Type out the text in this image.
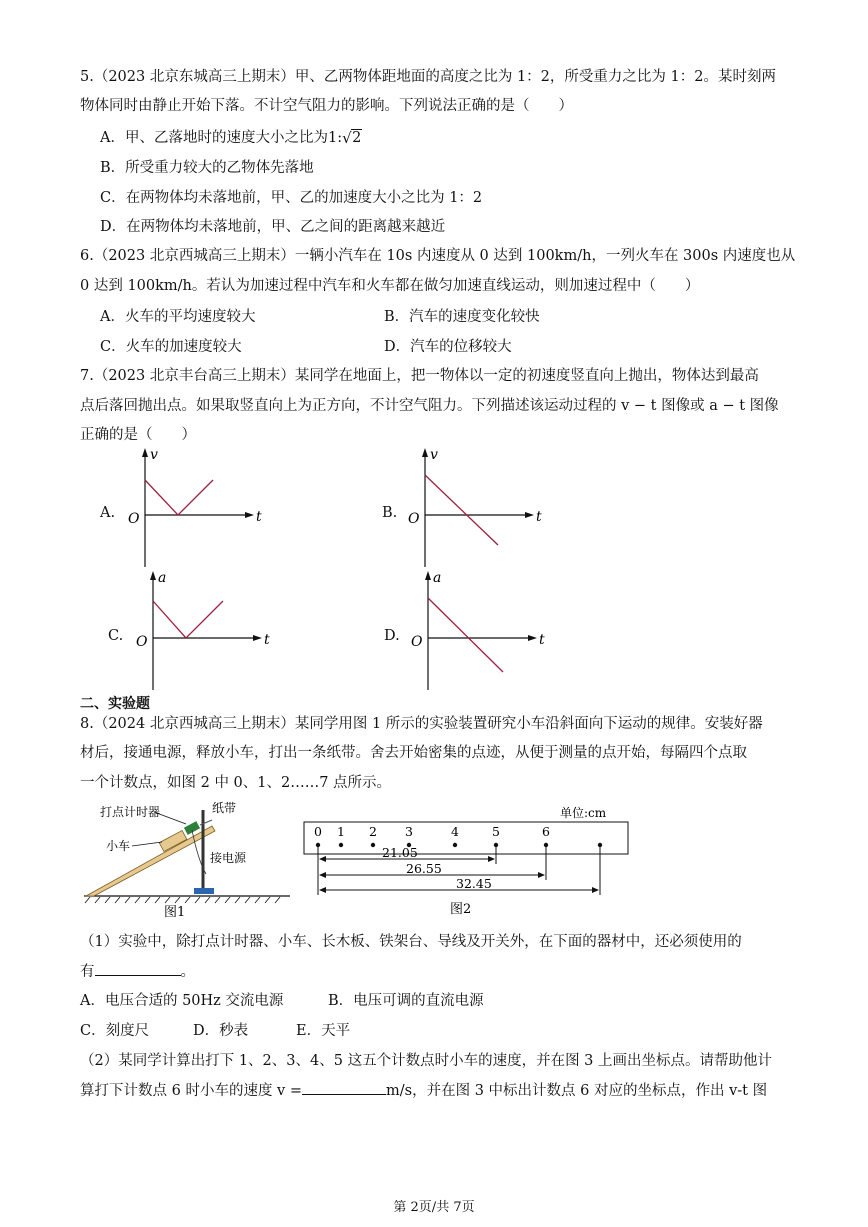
5.（2023 北京东城高三上期末）甲、乙两物体距地面的高度之比为 1：2，所受重力之比为 1：2。某时刻两
物体同时由静止开始下落。不计空气阻力的影响。下列说法正确的是（　　）
A．甲、乙落地时的速度大小之比为1: √ 2
B．所受重力较大的乙物体先落地
C．在两物体均未落地前，甲、乙的加速度大小之比为 1：2
D．在两物体均未落地前，甲、乙之间的距离越来越近
6.（2023 北京西城高三上期末）一辆小汽车在 10s 内速度从 0 达到 100km/h，一列火车在 300s 内速度也从
0 达到 100km/h。若认为加速过程中汽车和火车都在做匀加速直线运动，则加速过程中（　　）
A．火车的平均速度较大	B．汽车的速度变化较快
C．火车的加速度较大	D．汽车的位移较大
7.（2023 北京丰台高三上期末）某同学在地面上，把一物体以一定的初速度竖直向上抛出，物体达到最高
点后落回抛出点。如果取竖直向上为正方向，不计空气阻力。下列描述该运动过程的 v − t 图像或 a − t 图像
正确的是（　　）
A.
v
t
O	B.
v
t
O
C.
a
t
O	D.
a
t
O
二、实验题
8.（2024 北京西城高三上期末）某同学用图 1 所示的实验装置研究小车沿斜面向下运动的规律。安装好器
材后，接通电源，释放小车，打出一条纸带。舍去开始密集的点迹，从便于测量的点开始，每隔四个点取
一个计数点，如图 2 中 0、1、2……7 点所示。
打点计时器	纸带
小车
接电源
图1
单位:cm
0 1 2 3	4	5	6
21.05
26.55
32.45
图2
（1）实验中，除打点计时器、小车、长木板、铁架台、导线及开关外，在下面的器材中，还必须使用的
有	。
A．电压合适的 50Hz 交流电源	B．电压可调的直流电源
C．刻度尺	D．秒表	E．天平
（2）某同学计算出打下 1、2、3、4、5 这五个计数点时小车的速度，并在图 3 上画出坐标点。请帮助他计
算打下计数点 6 时小车的速度 v =	m/s，并在图 3 中标出计数点 6 对应的坐标点，作出 v-t 图
第 2页/共 7页
